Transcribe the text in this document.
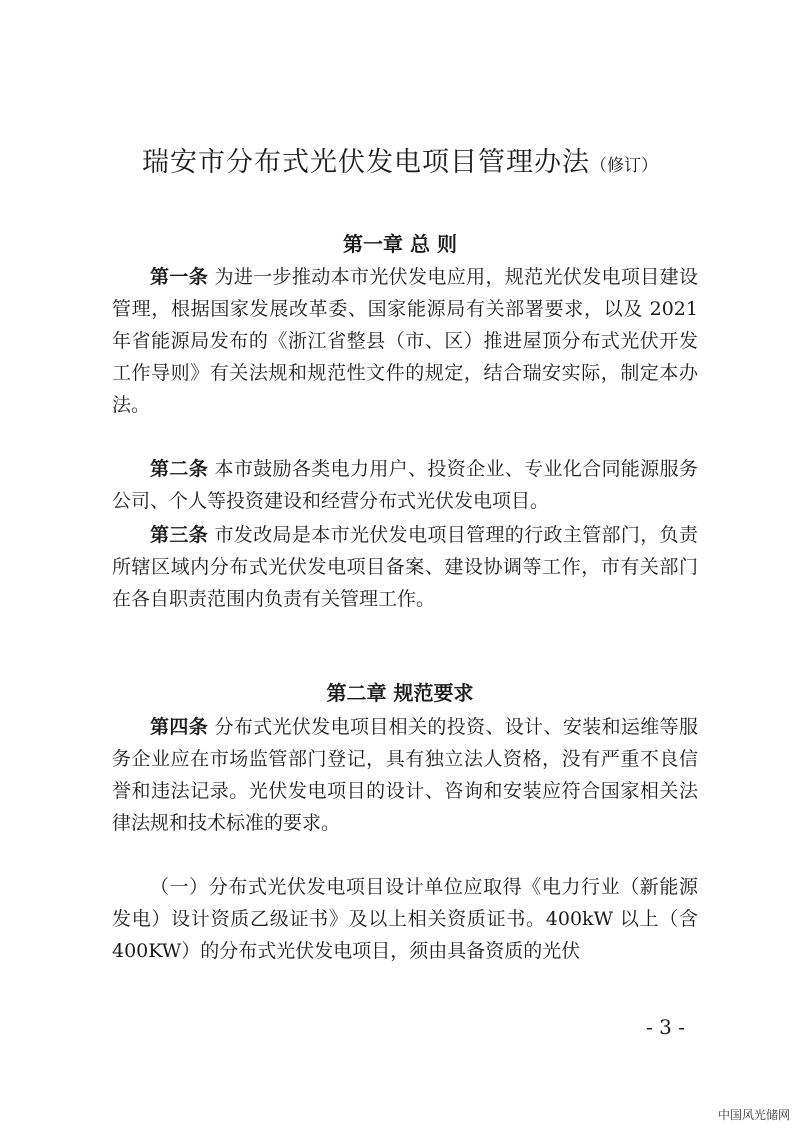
瑞安市分布式光伏发电项目管理办法（修订）
第一章 总 则

第一条 为进一步推动本市光伏发电应用，规范光伏发电项目建设管理，根据国家发展改革委、国家能源局有关部署要求，以及 2021 年省能源局发布的《浙江省整县（市、区）推进屋顶分布式光伏开发工作导则》有关法规和规范性文件的规定，结合瑞安实际，制定本办法。

第二条 本市鼓励各类电力用户、投资企业、专业化合同能源服务公司、个人等投资建设和经营分布式光伏发电项目。

第三条 市发改局是本市光伏发电项目管理的行政主管部门，负责所辖区域内分布式光伏发电项目备案、建设协调等工作，市有关部门在各自职责范围内负责有关管理工作。

第二章 规范要求

第四条 分布式光伏发电项目相关的投资、设计、安装和运维等服务企业应在市场监管部门登记，具有独立法人资格，没有严重不良信誉和违法记录。光伏发电项目的设计、咨询和安装应符合国家相关法律法规和技术标准的要求。

（一）分布式光伏发电项目设计单位应取得《电力行业（新能源发电）设计资质乙级证书》及以上相关资质证书。400kW 以上（含 400KW）的分布式光伏发电项目，须由具备资质的光伏

- 3 -
中国风光储网
